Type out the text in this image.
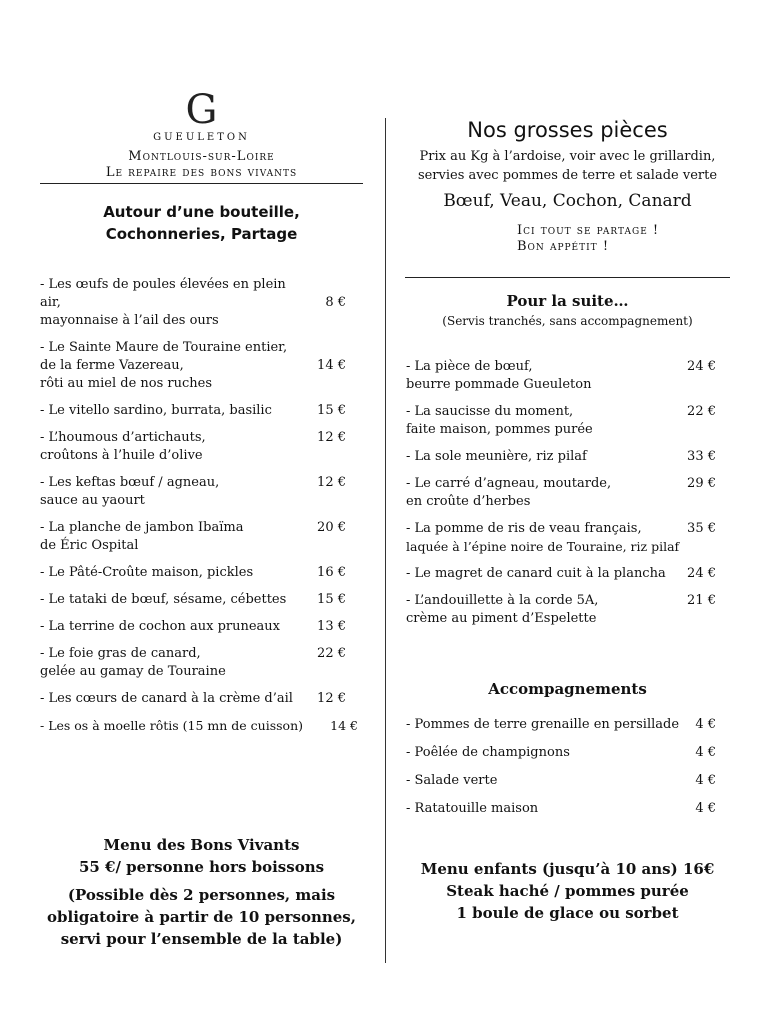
G
GUEULETON
Montlouis-sur-Loire
Le repaire des bons vivants
Autour d’une bouteille,
Cochonneries, Partage
- Les œufs de poules élevées en plein air,
mayonnaise à l’ail des ours
8 €
- Le Sainte Maure de Touraine entier,
de la ferme Vazereau,
rôti au miel de nos ruches
14 €
- Le vitello sardino, burrata, basilic	15 €
- L’houmous d’artichauts,
croûtons à l’huile d’olive
12 €
- Les keftas bœuf / agneau,
sauce au yaourt
12 €
- La planche de jambon Ibaïma
de Éric Ospital
20 €
- Le Pâté-Croûte maison, pickles	16 €
- Le tataki de bœuf, sésame, cébettes	15 €
- La terrine de cochon aux pruneaux	13 €
- Le foie gras de canard,
gelée au gamay de Touraine
22 €
- Les cœurs de canard à la crème d’ail	12 €
- Les os à moelle rôtis (15 mn de cuisson) 14 €
Menu des Bons Vivants
55 €/ personne hors boissons
(Possible dès 2 personnes, mais
obligatoire à partir de 10 personnes,
servi pour l’ensemble de la table)
Nos grosses pièces
Prix au Kg à l’ardoise, voir avec le grillardin,
servies avec pommes de terre et salade verte
Bœuf, Veau, Cochon, Canard
Ici tout se partage !
Bon appétit !
Pour la suite…
(Servis tranchés, sans accompagnement)
- La pièce de bœuf,
beurre pommade Gueuleton
24 €
- La saucisse du moment,
faite maison, pommes purée
22 €
- La sole meunière, riz pilaf	33 €
- Le carré d’agneau, moutarde,
en croûte d’herbes
29 €
- La pomme de ris de veau français,
laquée à l’épine noire de Touraine, riz pilaf
35 €
- Le magret de canard cuit à la plancha	24 €
- L’andouillette à la corde 5A,
crème au piment d’Espelette
21 €
Accompagnements
- Pommes de terre grenaille en persillade	4 €
- Poêlée de champignons	4 €
- Salade verte	4 €
- Ratatouille maison	4 €
Menu enfants (jusqu’à 10 ans) 16€
Steak haché / pommes purée
1 boule de glace ou sorbet
